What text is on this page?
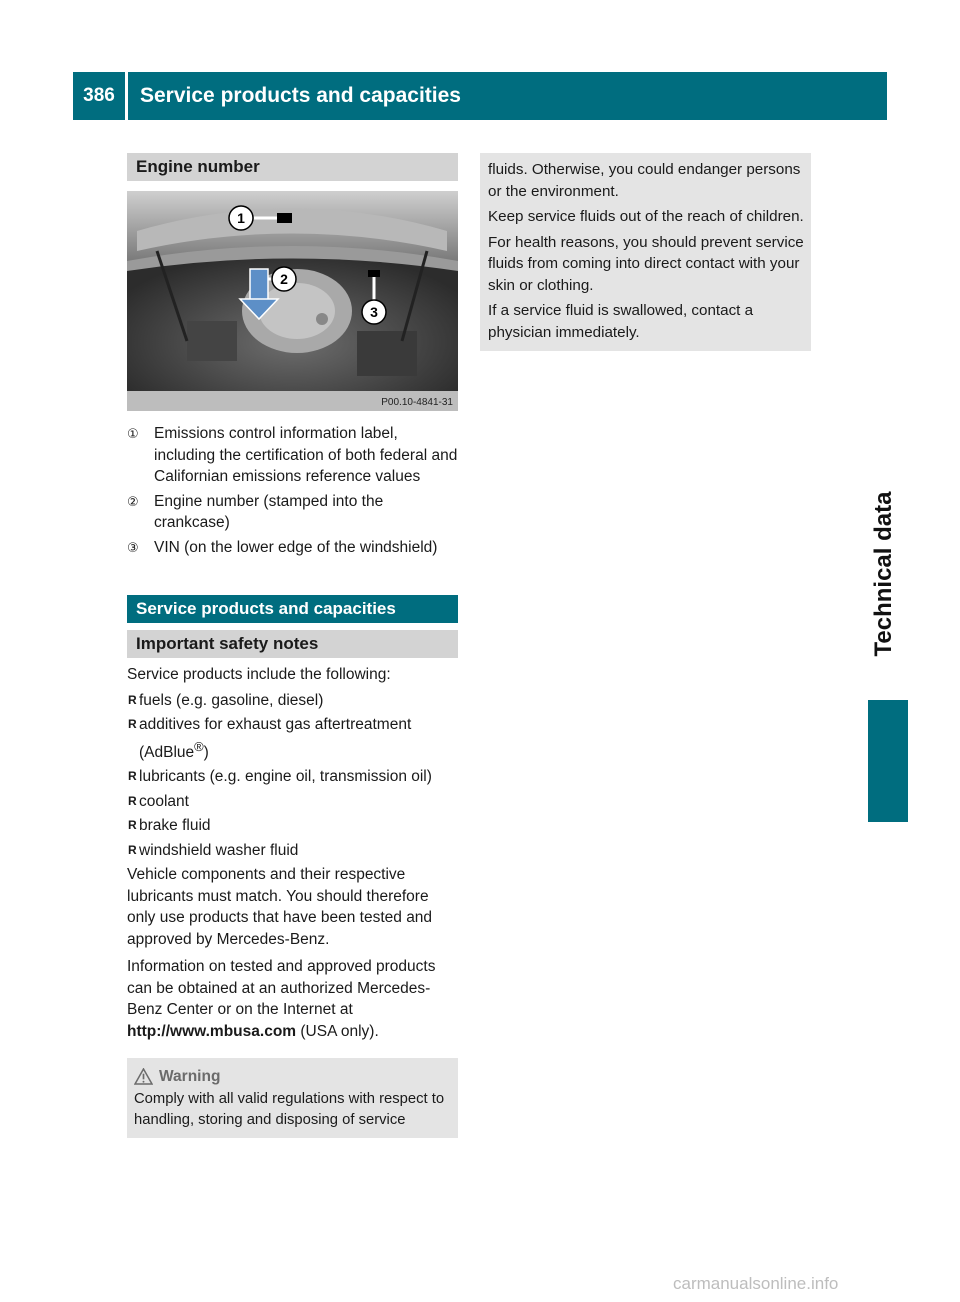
386	Service products and capacities
Technical data
Engine number
1
2
3
P00.10-4841-31
① Emissions control information label, including the certification of both federal and Californian emissions reference values
② Engine number (stamped into the crankcase)
③ VIN (on the lower edge of the windshield)
Service products and capacities
Important safety notes

Service products include the following:

R fuels (e.g. gasoline, diesel)
R additives for exhaust gas aftertreatment (AdBlue®)
R lubricants (e.g. engine oil, transmission oil)
R coolant
R brake fluid
R windshield washer fluid

Vehicle components and their respective lubricants must match. You should therefore only use products that have been tested and approved by Mercedes-Benz.

Information on tested and approved products can be obtained at an authorized Mercedes-Benz Center or on the Internet at http://www.mbusa.com (USA only).

Warning
Comply with all valid regulations with respect to handling, storing and disposing of service

fluids. Otherwise, you could endanger persons or the environment.

Keep service fluids out of the reach of children.

For health reasons, you should prevent service fluids from coming into direct contact with your skin or clothing.

If a service fluid is swallowed, contact a physician immediately.

carmanualsonline.info
